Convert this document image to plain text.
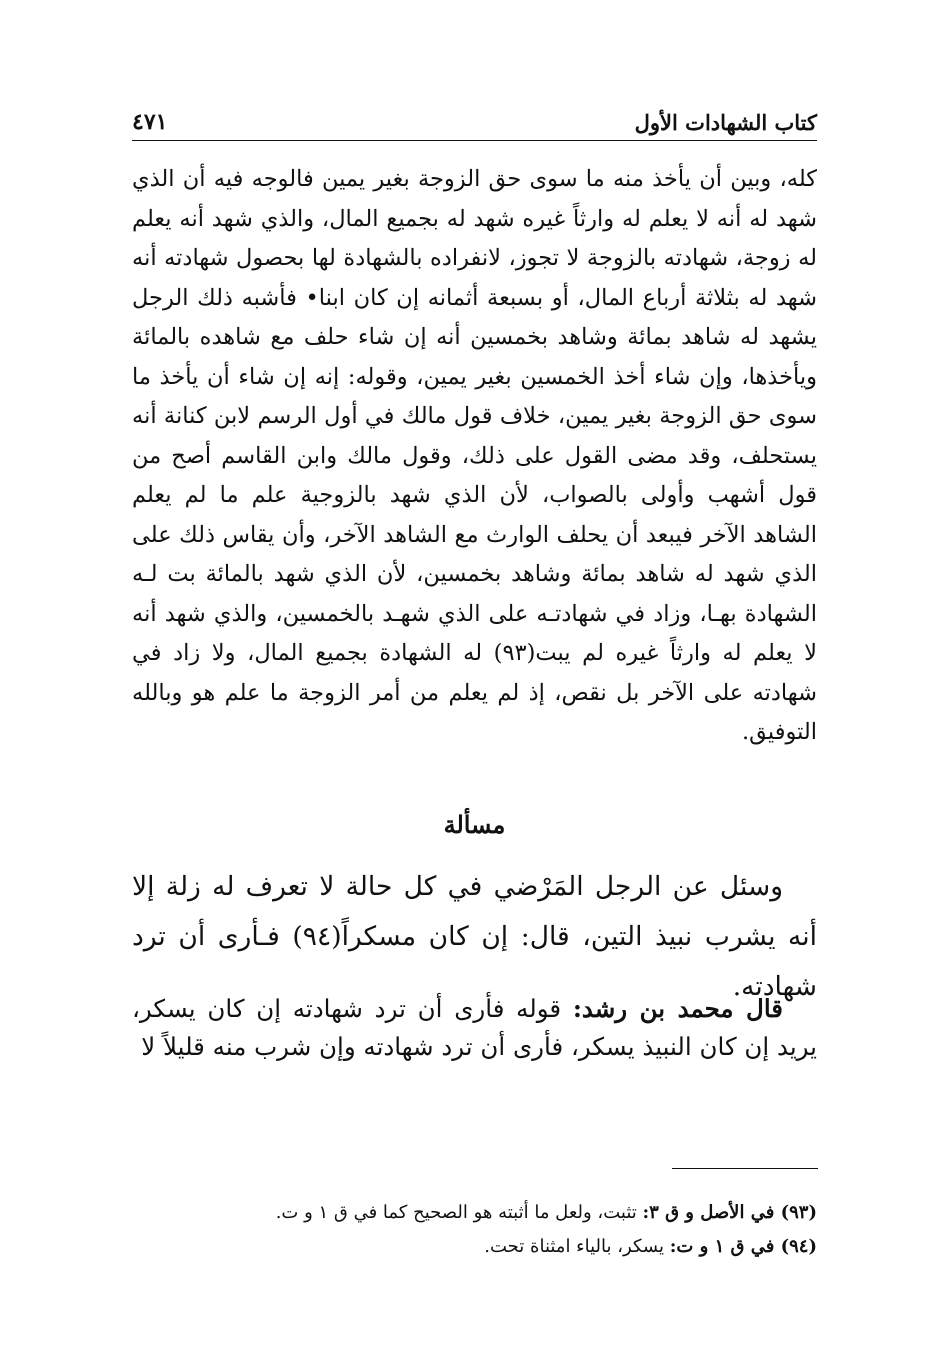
كتاب الشهادات الأول
٤٧١

كله، وبين أن يأخذ منه ما سوى حق الزوجة بغير يمين فالوجه فيه أن الذي شهد له أنه لا يعلم له وارثاً غيره شهد له بجميع المال، والذي شهد أنه يعلم له زوجة، شهادته بالزوجة لا تجوز، لانفراده بالشهادة لها بحصول شهادته أنه شهد له بثلاثة أرباع المال، أو بسبعة أثمانه إن كان ابنا• فأشبه ذلك الرجل يشهد له شاهد بمائة وشاهد بخمسين أنه إن شاء حلف مع شاهده بالمائة ويأخذها، وإن شاء أخذ الخمسين بغير يمين، وقوله: إنه إن شاء أن يأخذ ما سوى حق الزوجة بغير يمين، خلاف قول مالك في أول الرسم لابن كنانة أنه يستحلف، وقد مضى القول على ذلك، وقول مالك وابن القاسم أصح من قول أشهب وأولى بالصواب، لأن الذي شهد بالزوجية علم ما لم يعلم الشاهد الآخر فيبعد أن يحلف الوارث مع الشاهد الآخر، وأن يقاس ذلك على الذي شهد له شاهد بمائة وشاهد بخمسين، لأن الذي شهد بالمائة بت لـه الشهادة بهـا، وزاد في شهادتـه على الذي شهـد بالخمسين، والذي شهد أنه لا يعلم له وارثاً غيره لم يبت(٩٣) له الشهادة بجميع المال، ولا زاد في شهادته على الآخر بل نقص، إذ لم يعلم من أمر الزوجة ما علم هو وبالله التوفيق.

مسألة

وسئل عن الرجل المَرْضي في كل حالة لا تعرف له زلة إلا أنه يشرب نبيذ التين، قال: إن كان مسكراً(٩٤) فـأرى أن ترد شهادته.

قال محمد بن رشد: قوله فأرى أن ترد شهادته إن كان يسكر، يريد إن كان النبيذ يسكر، فأرى أن ترد شهادته وإن شرب منه قليلاً لا

(٩٣) في الأصل و ق ٣: تثبت، ولعل ما أثبته هو الصحيح كما في ق ١ و ت.

(٩٤) في ق ١ و ت: يسكر، بالياء امثناة تحت.
